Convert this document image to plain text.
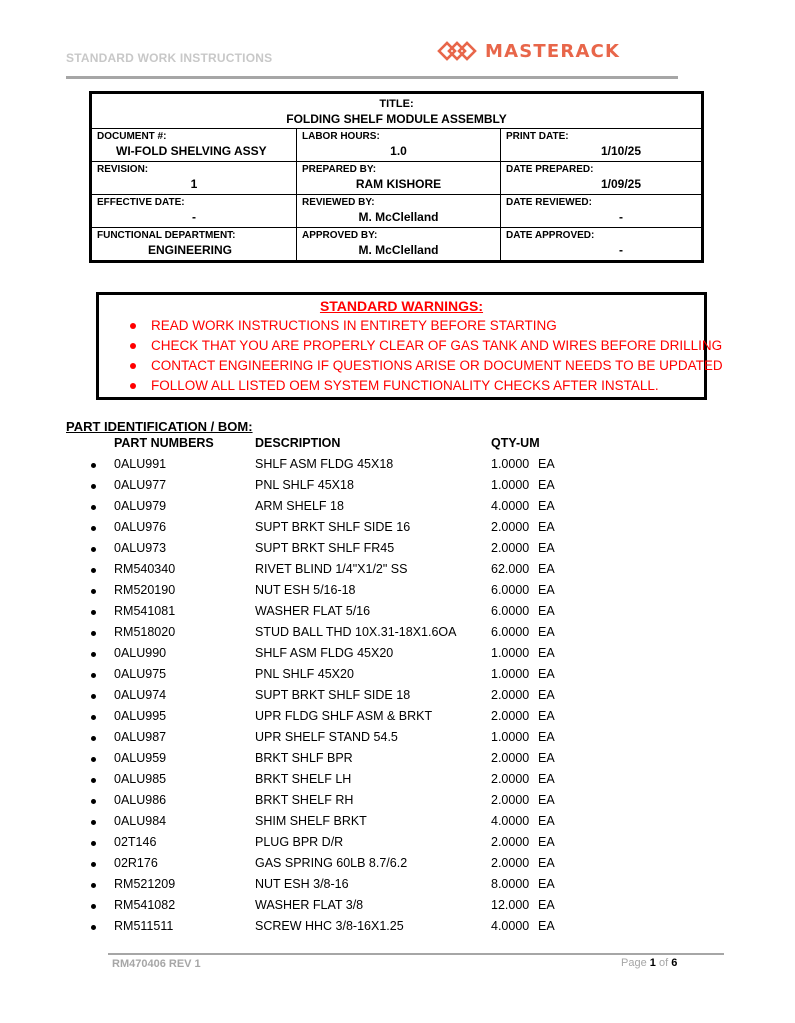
STANDARD WORK INSTRUCTIONS	MASTERACK
TITLE:
FOLDING SHELF MODULE ASSEMBLY
DOCUMENT #:
WI-FOLD SHELVING ASSY
LABOR HOURS:
1.0
PRINT DATE:
1/10/25
REVISION:
1
PREPARED BY:
RAM KISHORE
DATE PREPARED:
1/09/25
EFFECTIVE DATE:
-
REVIEWED BY:
M. McClelland
DATE REVIEWED:
-
FUNCTIONAL DEPARTMENT:
ENGINEERING
APPROVED BY:
M. McClelland
DATE APPROVED:
-
STANDARD WARNINGS:
READ WORK INSTRUCTIONS IN ENTIRETY BEFORE STARTING
CHECK THAT YOU ARE PROPERLY CLEAR OF GAS TANK AND WIRES BEFORE DRILLING
CONTACT ENGINEERING IF QUESTIONS ARISE OR DOCUMENT NEEDS TO BE UPDATED
FOLLOW ALL LISTED OEM SYSTEM FUNCTIONALITY CHECKS AFTER INSTALL.
PART IDENTIFICATION / BOM:
PART NUMBERS	DESCRIPTION	QTY-UM
0ALU991	SHLF ASM FLDG 45X18	1.0000 EA
0ALU977	PNL SHLF 45X18	1.0000 EA
0ALU979	ARM SHELF 18	4.0000 EA
0ALU976	SUPT BRKT SHLF SIDE 16	2.0000 EA
0ALU973	SUPT BRKT SHLF FR45	2.0000 EA
RM540340	RIVET BLIND 1/4"X1/2" SS	62.000 EA
RM520190	NUT ESH 5/16-18	6.0000 EA
RM541081	WASHER FLAT 5/16	6.0000 EA
RM518020	STUD BALL THD 10X.31-18X1.6OA	6.0000 EA
0ALU990	SHLF ASM FLDG 45X20	1.0000 EA
0ALU975	PNL SHLF 45X20	1.0000 EA
0ALU974	SUPT BRKT SHLF SIDE 18	2.0000 EA
0ALU995	UPR FLDG SHLF ASM & BRKT	2.0000 EA
0ALU987	UPR SHELF STAND 54.5	1.0000 EA
0ALU959	BRKT SHLF BPR	2.0000 EA
0ALU985	BRKT SHELF LH	2.0000 EA
0ALU986	BRKT SHELF RH	2.0000 EA
0ALU984	SHIM SHELF BRKT	4.0000 EA
02T146	PLUG BPR D/R	2.0000 EA
02R176	GAS SPRING 60LB 8.7/6.2	2.0000 EA
RM521209	NUT ESH 3/8-16	8.0000 EA
RM541082	WASHER FLAT 3/8	12.000 EA
RM511511	SCREW HHC 3/8-16X1.25	4.0000 EA
RM470406 REV 1	Page 1 of 6
